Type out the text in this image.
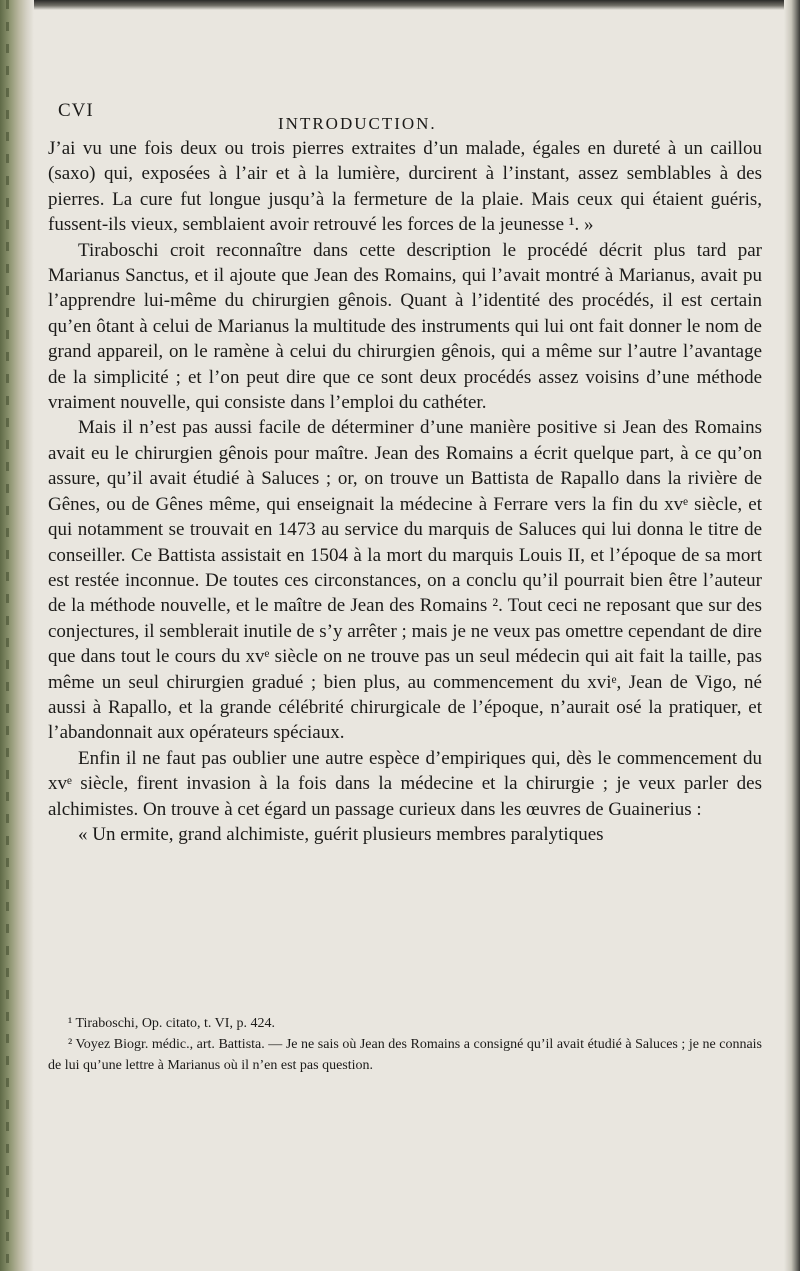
CVI
INTRODUCTION.

J’ai vu une fois deux ou trois pierres extraites d’un malade, égales en dureté à un caillou (saxo) qui, exposées à l’air et à la lumière, durcirent à l’instant, assez semblables à des pierres. La cure fut longue jusqu’à la fermeture de la plaie. Mais ceux qui étaient guéris, fussent-ils vieux, semblaient avoir retrouvé les forces de la jeunesse ¹. »

Tiraboschi croit reconnaître dans cette description le procédé décrit plus tard par Marianus Sanctus, et il ajoute que Jean des Romains, qui l’avait montré à Marianus, avait pu l’apprendre lui-même du chirurgien gênois. Quant à l’identité des procédés, il est certain qu’en ôtant à celui de Marianus la multitude des instruments qui lui ont fait donner le nom de grand appareil, on le ramène à celui du chirurgien gênois, qui a même sur l’autre l’avantage de la simplicité ; et l’on peut dire que ce sont deux procédés assez voisins d’une méthode vraiment nouvelle, qui consiste dans l’emploi du cathéter.

Mais il n’est pas aussi facile de déterminer d’une manière positive si Jean des Romains avait eu le chirurgien gênois pour maître. Jean des Romains a écrit quelque part, à ce qu’on assure, qu’il avait étudié à Saluces ; or, on trouve un Battista de Rapallo dans la rivière de Gênes, ou de Gênes même, qui enseignait la médecine à Ferrare vers la fin du xvᵉ siècle, et qui notamment se trouvait en 1473 au service du marquis de Saluces qui lui donna le titre de conseiller. Ce Battista assistait en 1504 à la mort du marquis Louis II, et l’époque de sa mort est restée inconnue. De toutes ces circonstances, on a conclu qu’il pourrait bien être l’auteur de la méthode nouvelle, et le maître de Jean des Romains ². Tout ceci ne reposant que sur des conjectures, il semblerait inutile de s’y arrêter ; mais je ne veux pas omettre cependant de dire que dans tout le cours du xvᵉ siècle on ne trouve pas un seul médecin qui ait fait la taille, pas même un seul chirurgien gradué ; bien plus, au commencement du xviᵉ, Jean de Vigo, né aussi à Rapallo, et la grande célébrité chirurgicale de l’époque, n’aurait osé la pratiquer, et l’abandonnait aux opérateurs spéciaux.

Enfin il ne faut pas oublier une autre espèce d’empiriques qui, dès le commencement du xvᵉ siècle, firent invasion à la fois dans la médecine et la chirurgie ; je veux parler des alchimistes. On trouve à cet égard un passage curieux dans les œuvres de Guainerius :

« Un ermite, grand alchimiste, guérit plusieurs membres paralytiques

¹ Tiraboschi, Op. citato, t. VI, p. 424.

² Voyez Biogr. médic., art. Battista. — Je ne sais où Jean des Romains a consigné qu’il avait étudié à Saluces ; je ne connais de lui qu’une lettre à Marianus où il n’en est pas question.
